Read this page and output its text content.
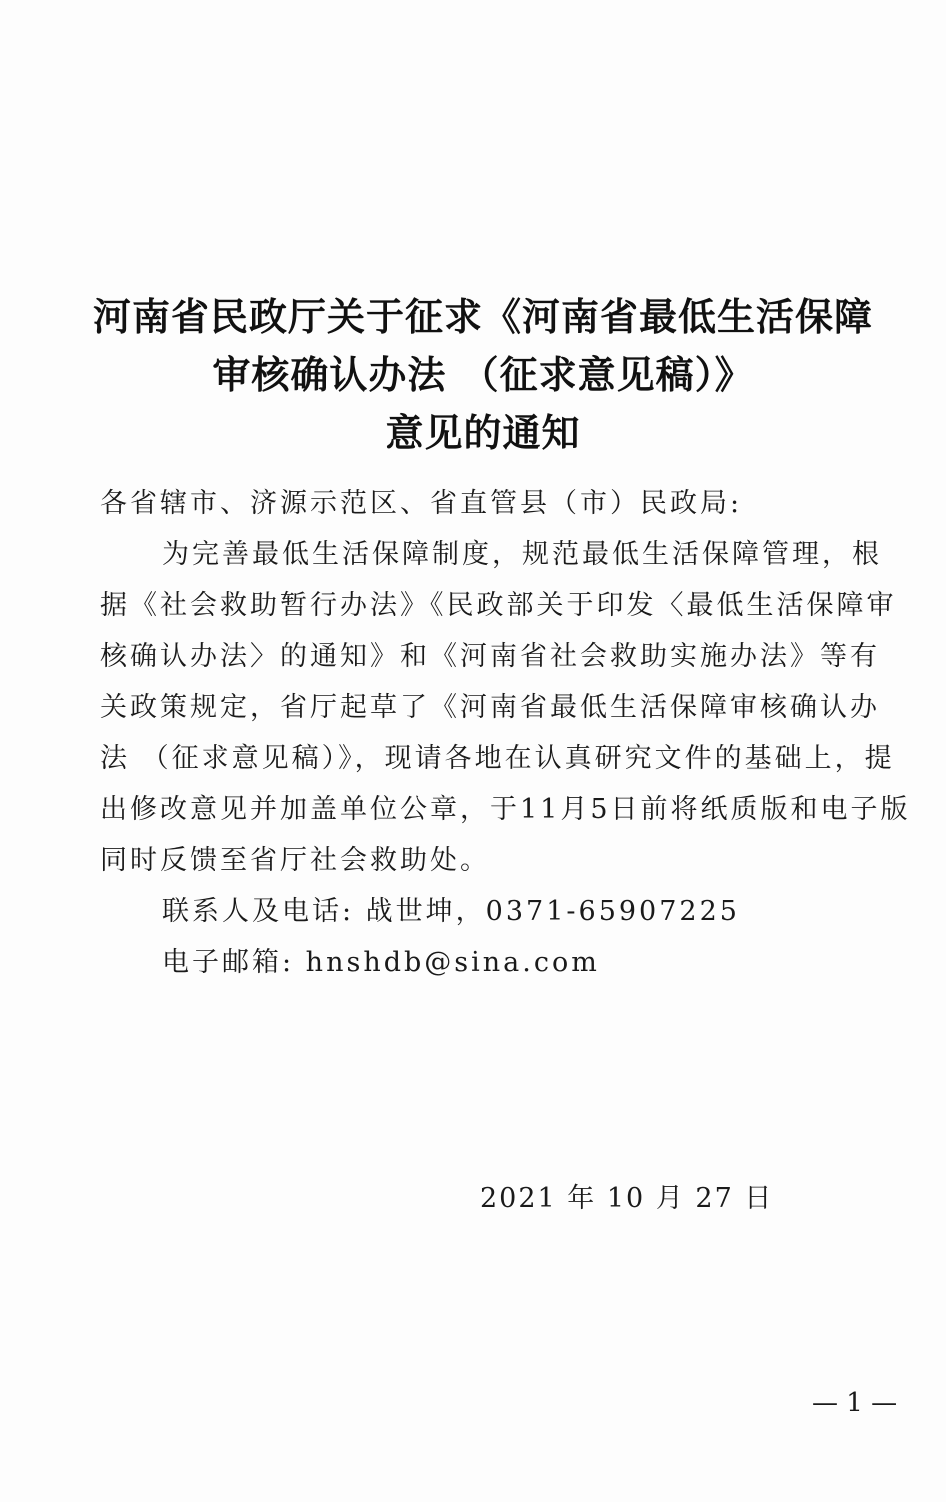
河南省民政厅关于征求《河南省最低生活保障
审核确认办法 （征求意见稿）》
意见的通知
各省辖市、济源示范区、省直管县（市）民政局:
为完善最低生活保障制度，规范最低生活保障管理，根
据《社会救助暂行办法》《民政部关于印发〈最低生活保障审
核确认办法〉的通知》和《河南省社会救助实施办法》等有
关政策规定，省厅起草了《河南省最低生活保障审核确认办
法 （征求意见稿）》，现请各地在认真研究文件的基础上，提
出修改意见并加盖单位公章，于11月5日前将纸质版和电子版
同时反馈至省厅社会救助处。
联系人及电话: 战世坤，0371-65907225
电子邮箱: hnshdb@sina.com
2021 年 10 月 27 日
— 1 —
